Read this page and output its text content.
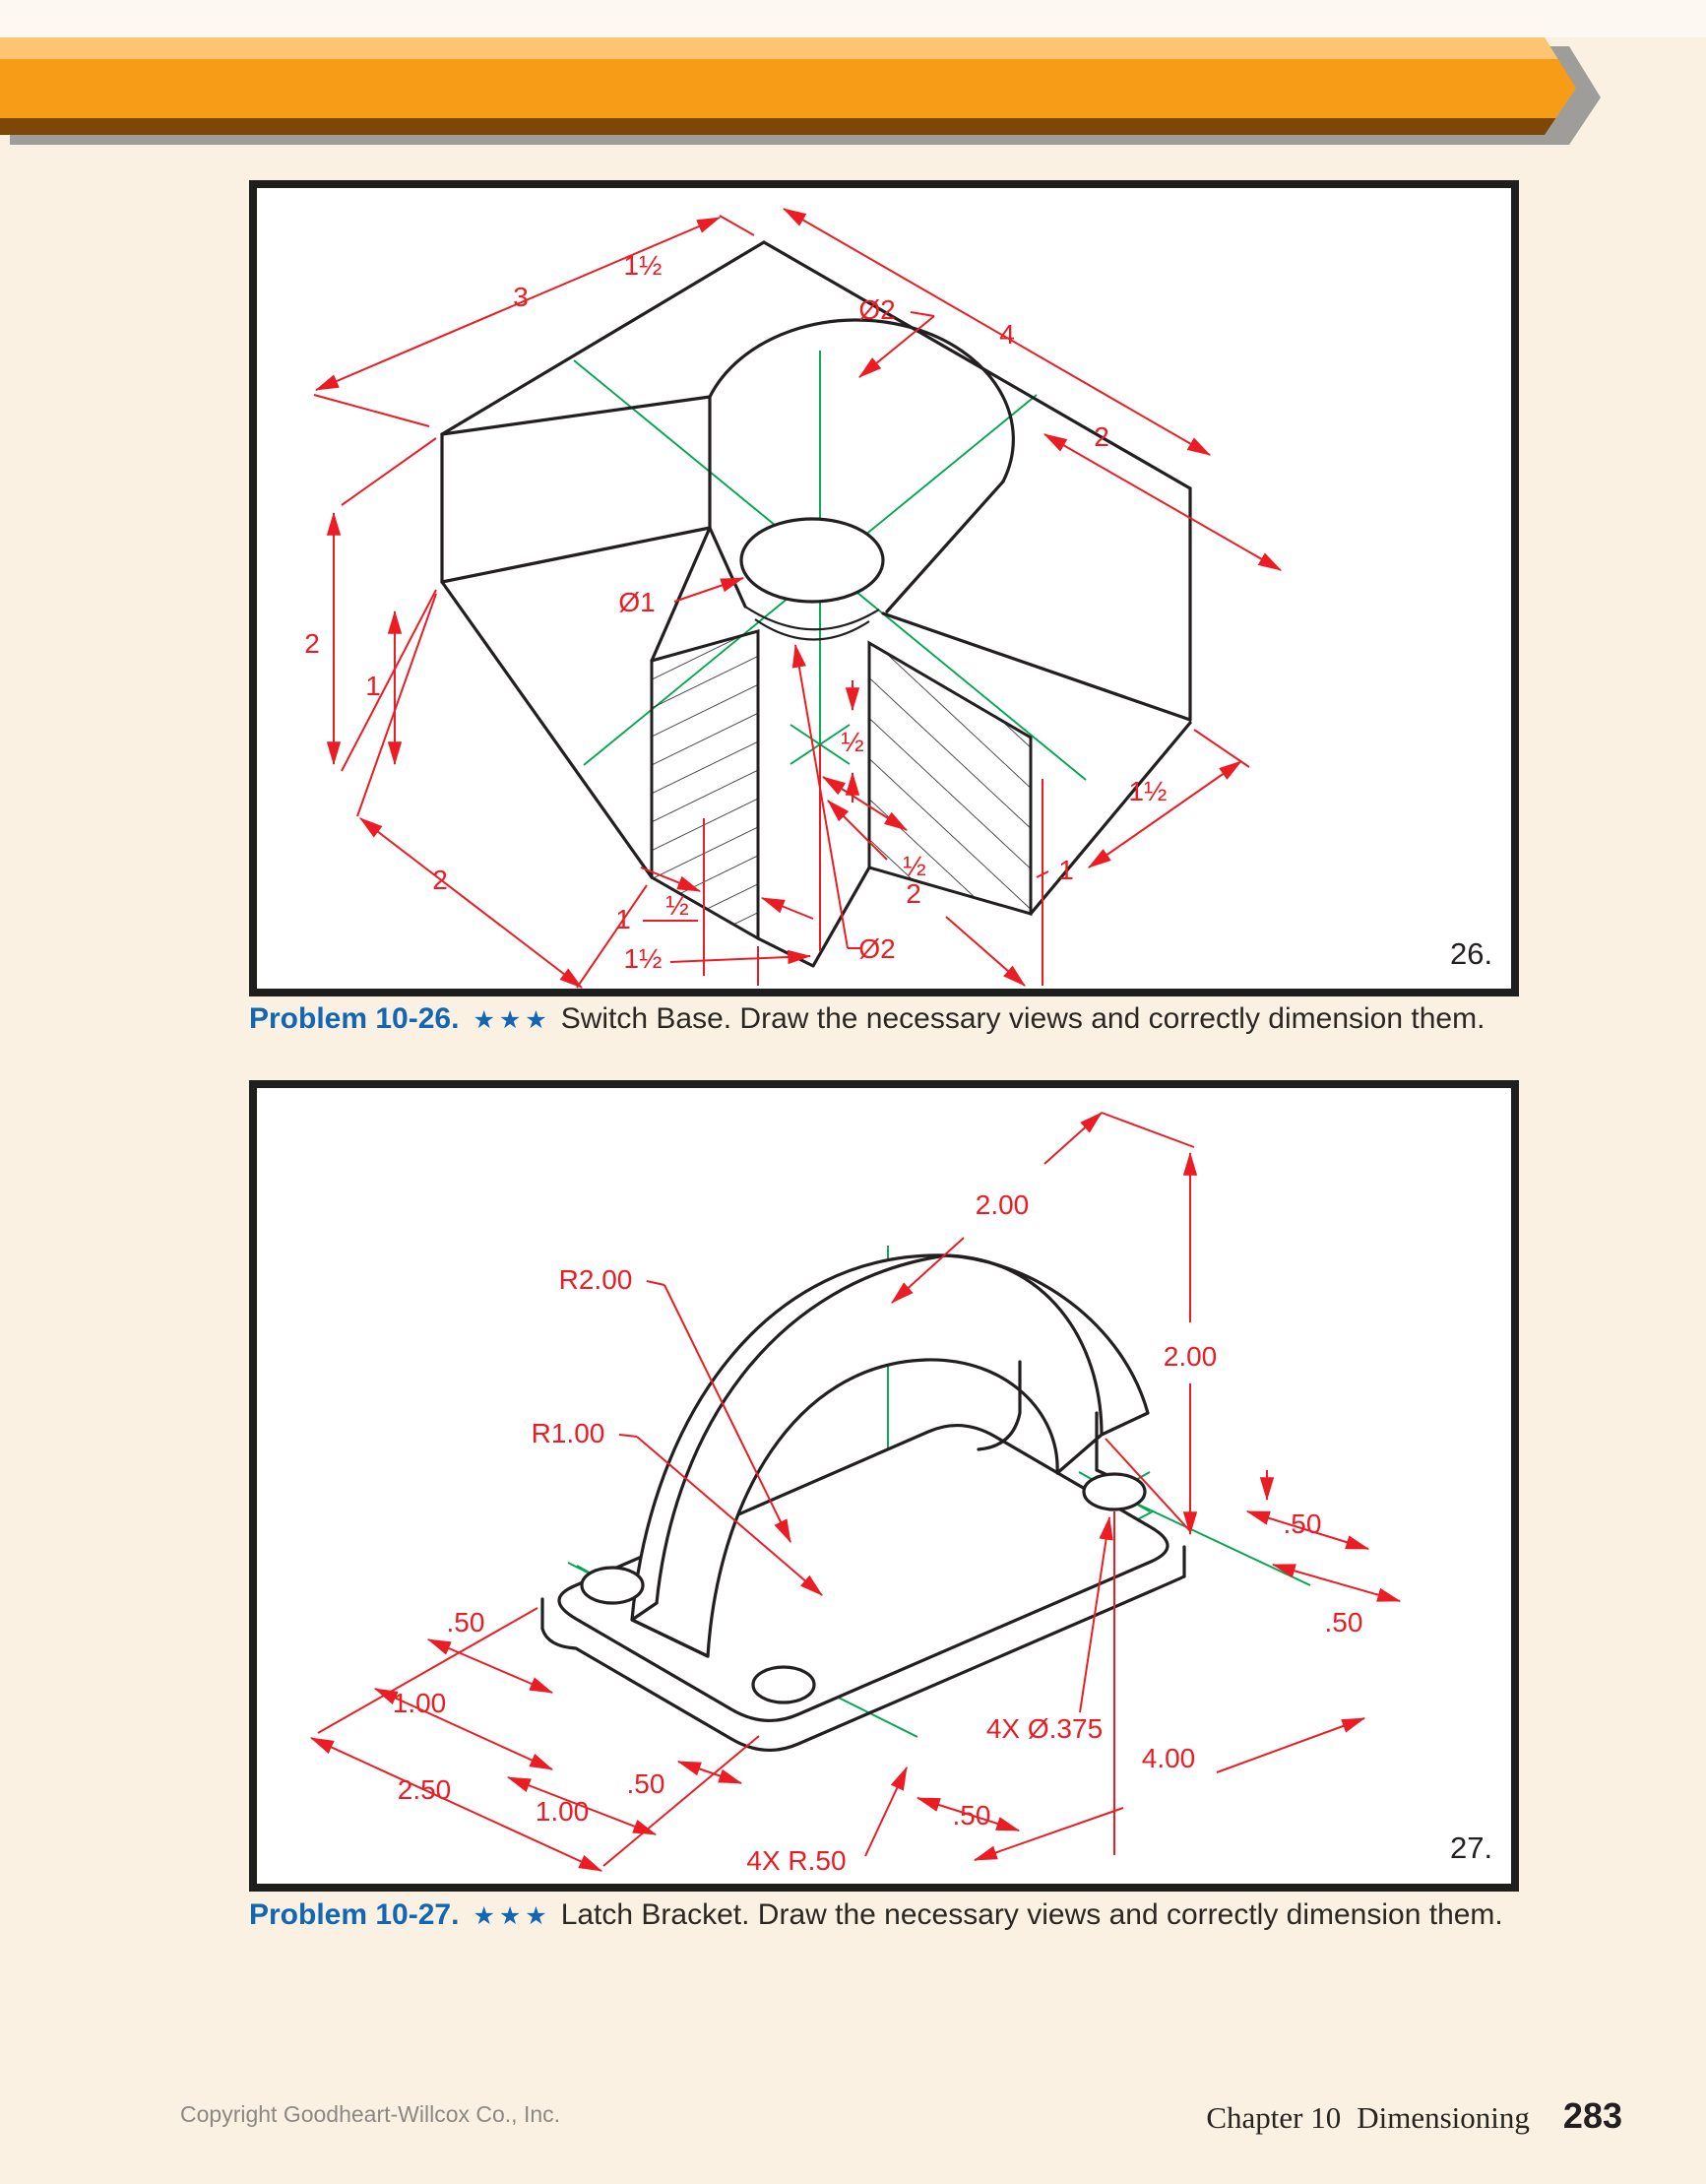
3
1½
4
2
Ø2
2
1
2
½
1
1½
2
½
½
Ø2
1
1½
Ø1
26.

Problem 10-26. ★★★ Switch Base. Draw the necessary views and correctly dimension them.

2.00
2.00
.50
.50
R2.00
R1.00
.50
1.00
2.50
1.00
.50
.50
4X R.50
4.00
4X Ø.375
27.

Problem 10-27. ★★★ Latch Bracket. Draw the necessary views and correctly dimension them.

Copyright Goodheart-Willcox Co., Inc.	Chapter 10 Dimensioning 283
